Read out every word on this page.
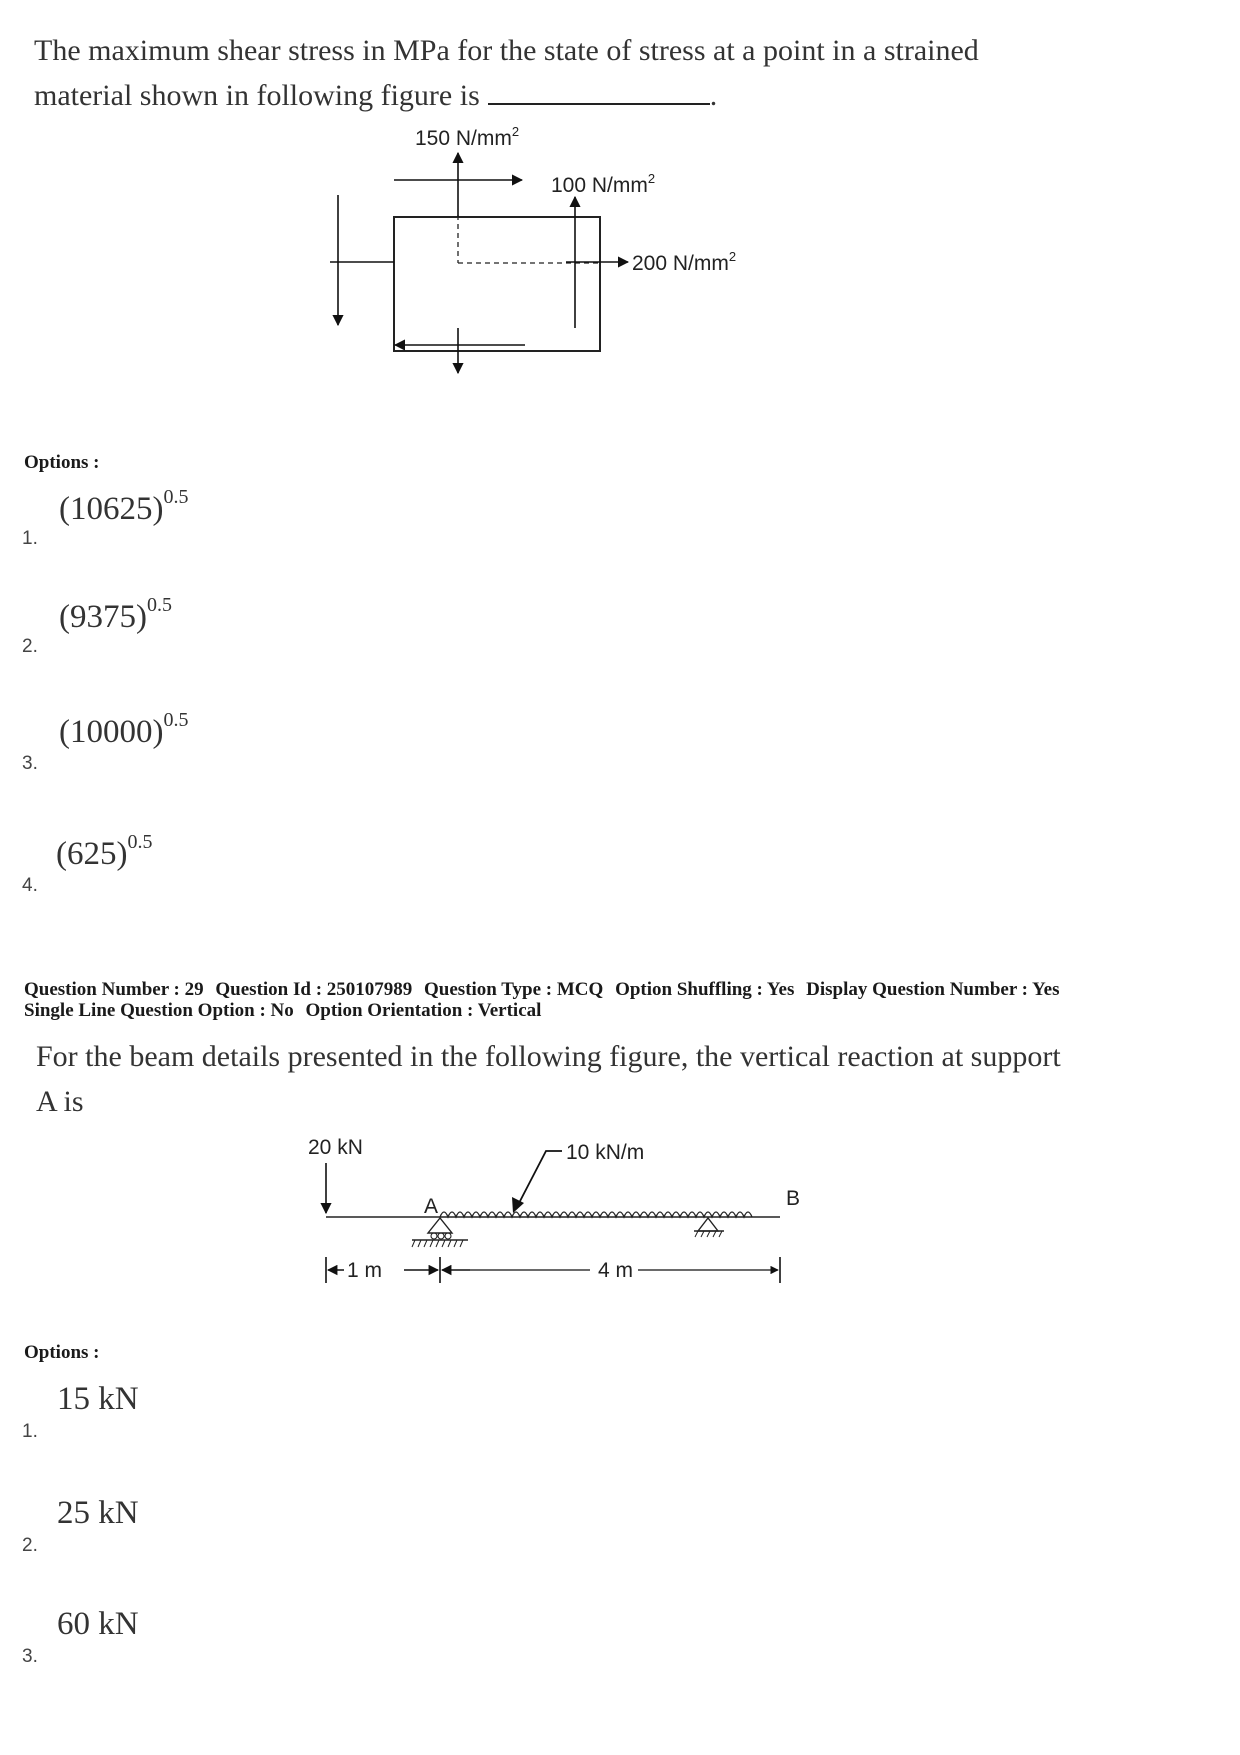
The maximum shear stress in MPa for the state of stress at a point in a strained
material shown in following figure is	.
150 $N/mm^2$
100 $N/mm^2$
200 $N/mm^2$
Options :
$(10625)^{0.5}$
1.
$(9375)^{0.5}$
2.
$(10000)^{0.5}$
3.
$(625)^{0.5}$
4.
Question Number : 29 Question Id : 250107989 Question Type : MCQ Option Shuffling : Yes Display Question Number : Yes
Single Line Question Option : No Option Orientation : Vertical
For the beam details presented in the following figure, the vertical reaction at support
A is
20 kN	10 kN/m
A	B
1 m	4 m
Options :
15 kN
1.
25 kN
2.
60 kN
3.
